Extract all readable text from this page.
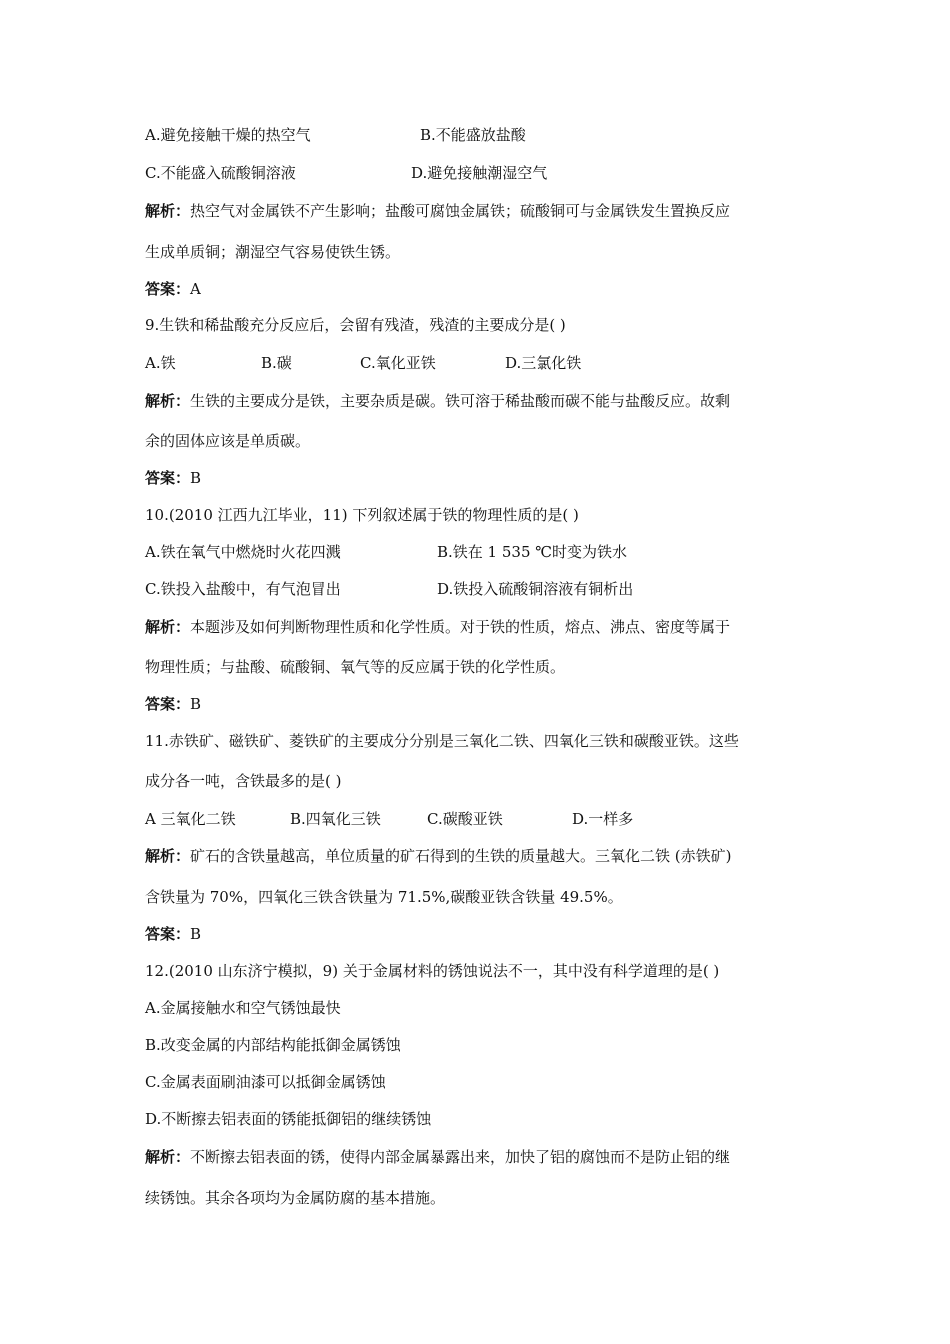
A.避免接触干燥的热空气	B.不能盛放盐酸
C.不能盛入硫酸铜溶液	D.避免接触潮湿空气
解析：热空气对金属铁不产生影响；盐酸可腐蚀金属铁；硫酸铜可与金属铁发生置换反应
生成单质铜；潮湿空气容易使铁生锈。
答案：A
9.生铁和稀盐酸充分反应后，会留有残渣，残渣的主要成分是( )
A.铁	B.碳	C.氧化亚铁	D.三氯化铁
解析：生铁的主要成分是铁，主要杂质是碳。铁可溶于稀盐酸而碳不能与盐酸反应。故剩
余的固体应该是单质碳。
答案：B
10.(2010 江西九江毕业，11) 下列叙述属于铁的物理性质的是( )
A.铁在氧气中燃烧时火花四溅	B.铁在 1 535 ℃时变为铁水
C.铁投入盐酸中，有气泡冒出	D.铁投入硫酸铜溶液有铜析出
解析：本题涉及如何判断物理性质和化学性质。对于铁的性质，熔点、沸点、密度等属于
物理性质；与盐酸、硫酸铜、氧气等的反应属于铁的化学性质。
答案：B
11.赤铁矿、磁铁矿、菱铁矿的主要成分分别是三氧化二铁、四氧化三铁和碳酸亚铁。这些
成分各一吨，含铁最多的是( )
A 三氧化二铁	B.四氧化三铁	C.碳酸亚铁	D.一样多
解析：矿石的含铁量越高，单位质量的矿石得到的生铁的质量越大。三氧化二铁 (赤铁矿)
含铁量为 70%，四氧化三铁含铁量为 71.5%,碳酸亚铁含铁量 49.5%。
答案：B
12.(2010 山东济宁模拟，9) 关于金属材料的锈蚀说法不一，其中没有科学道理的是( )
A.金属接触水和空气锈蚀最快
B.改变金属的内部结构能抵御金属锈蚀
C.金属表面刷油漆可以抵御金属锈蚀
D.不断擦去铝表面的锈能抵御铝的继续锈蚀
解析：不断擦去铝表面的锈，使得内部金属暴露出来，加快了铝的腐蚀而不是防止铝的继
续锈蚀。其余各项均为金属防腐的基本措施。
